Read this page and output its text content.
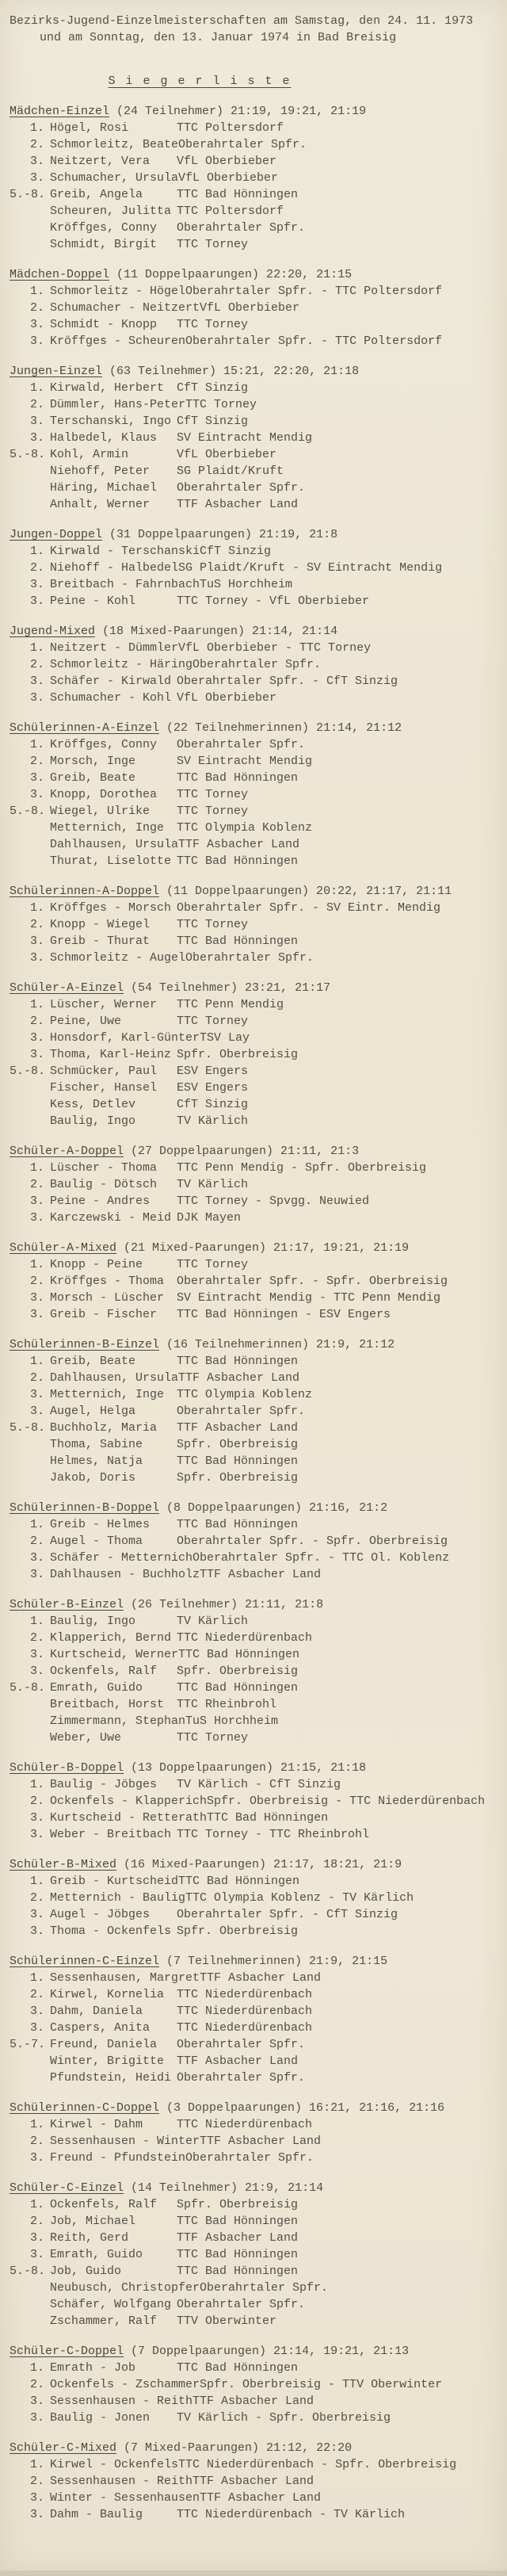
Bezirks-Jugend-Einzelmeisterschaften am Samstag, den 24. 11. 1973
und am Sonntag, den 13. Januar 1974 in Bad Breisig
S i e g e r l i s t e
Mädchen-Einzel (24 Teilnehmer) 21:19, 19:21, 21:19
1. Högel, Rosi	TTC Poltersdorf
2. Schmorleitz, Beate Oberahrtaler Spfr.
3. Neitzert, Vera	VfL Oberbieber
3. Schumacher, Ursula VfL Oberbieber
5.-8. Greib, Angela	TTC Bad Hönningen
Scheuren, Julitta TTC Poltersdorf
Kröffges, Conny	Oberahrtaler Spfr.
Schmidt, Birgit	TTC Torney
Mädchen-Doppel (11 Doppelpaarungen) 22:20, 21:15
1. Schmorleitz - Högel Oberahrtaler Spfr. - TTC Poltersdorf
2. Schumacher - Neitzert VfL Oberbieber
3. Schmidt - Knopp	TTC Torney
3. Kröffges - Scheuren Oberahrtaler Spfr. - TTC Poltersdorf
Jungen-Einzel (63 Teilnehmer) 15:21, 22:20, 21:18
1. Kirwald, Herbert	CfT Sinzig
2. Dümmler, Hans-Peter TTC Torney
3. Terschanski, Ingo CfT Sinzig
3. Halbedel, Klaus	SV Eintracht Mendig
5.-8. Kohl, Armin	VfL Oberbieber
Niehoff, Peter	SG Plaidt/Kruft
Häring, Michael	Oberahrtaler Spfr.
Anhalt, Werner	TTF Asbacher Land
Jungen-Doppel (31 Doppelpaarungen) 21:19, 21:8
1. Kirwald - Terschanski CfT Sinzig
2. Niehoff - Halbedel SG Plaidt/Kruft - SV Eintracht Mendig
3. Breitbach - Fahrnbach TuS Horchheim
3. Peine - Kohl	TTC Torney - VfL Oberbieber
Jugend-Mixed (18 Mixed-Paarungen) 21:14, 21:14
1. Neitzert - Dümmler VfL Oberbieber - TTC Torney
2. Schmorleitz - Häring Oberahrtaler Spfr.
3. Schäfer - Kirwald Oberahrtaler Spfr. - CfT Sinzig
3. Schumacher - Kohl VfL Oberbieber
Schülerinnen-A-Einzel (22 Teilnehmerinnen) 21:14, 21:12
1. Kröffges, Conny	Oberahrtaler Spfr.
2. Morsch, Inge	SV Eintracht Mendig
3. Greib, Beate	TTC Bad Hönningen
3. Knopp, Dorothea	TTC Torney
5.-8. Wiegel, Ulrike	TTC Torney
Metternich, Inge	TTC Olympia Koblenz
Dahlhausen, Ursula TTF Asbacher Land
Thurat, Liselotte TTC Bad Hönningen
Schülerinnen-A-Doppel (11 Doppelpaarungen) 20:22, 21:17, 21:11
1. Kröffges - Morsch Oberahrtaler Spfr. - SV Eintr. Mendig
2. Knopp - Wiegel	TTC Torney
3. Greib - Thurat	TTC Bad Hönningen
3. Schmorleitz - Augel Oberahrtaler Spfr.
Schüler-A-Einzel (54 Teilnehmer) 23:21, 21:17
1. Lüscher, Werner	TTC Penn Mendig
2. Peine, Uwe	TTC Torney
3. Honsdorf, Karl-Günter TSV Lay
3. Thoma, Karl-Heinz Spfr. Oberbreisig
5.-8. Schmücker, Paul	ESV Engers
Fischer, Hansel	ESV Engers
Kess, Detlev	CfT Sinzig
Baulig, Ingo	TV Kärlich
Schüler-A-Doppel (27 Doppelpaarungen) 21:11, 21:3
1. Lüscher - Thoma	TTC Penn Mendig - Spfr. Oberbreisig
2. Baulig - Dötsch	TV Kärlich
3. Peine - Andres	TTC Torney - Spvgg. Neuwied
3. Karczewski - Meid DJK Mayen
Schüler-A-Mixed (21 Mixed-Paarungen) 21:17, 19:21, 21:19
1. Knopp - Peine	TTC Torney
2. Kröffges - Thoma	Oberahrtaler Spfr. - Spfr. Oberbreisig
3. Morsch - Lüscher	SV Eintracht Mendig - TTC Penn Mendig
3. Greib - Fischer	TTC Bad Hönningen - ESV Engers
Schülerinnen-B-Einzel (16 Teilnehmerinnen) 21:9, 21:12
1. Greib, Beate	TTC Bad Hönningen
2. Dahlhausen, Ursula TTF Asbacher Land
3. Metternich, Inge	TTC Olympia Koblenz
3. Augel, Helga	Oberahrtaler Spfr.
5.-8. Buchholz, Maria	TTF Asbacher Land
Thoma, Sabine	Spfr. Oberbreisig
Helmes, Natja	TTC Bad Hönningen
Jakob, Doris	Spfr. Oberbreisig
Schülerinnen-B-Doppel (8 Doppelpaarungen) 21:16, 21:2
1. Greib - Helmes	TTC Bad Hönningen
2. Augel - Thoma	Oberahrtaler Spfr. - Spfr. Oberbreisig
3. Schäfer - Metternich Oberahrtaler Spfr. - TTC Ol. Koblenz
3. Dahlhausen - Buchholz TTF Asbacher Land
Schüler-B-Einzel (26 Teilnehmer) 21:11, 21:8
1. Baulig, Ingo	TV Kärlich
2. Klapperich, Bernd TTC Niederdürenbach
3. Kurtscheid, Werner TTC Bad Hönningen
3. Ockenfels, Ralf	Spfr. Oberbreisig
5.-8. Emrath, Guido	TTC Bad Hönningen
Breitbach, Horst	TTC Rheinbrohl
Zimmermann, Stephan TuS Horchheim
Weber, Uwe	TTC Torney
Schüler-B-Doppel (13 Doppelpaarungen) 21:15, 21:18
1. Baulig - Jöbges	TV Kärlich - CfT Sinzig
2. Ockenfels - Klapperich Spfr. Oberbreisig - TTC Niederdürenbach
3. Kurtscheid - Retterath TTC Bad Hönningen
3. Weber - Breitbach TTC Torney - TTC Rheinbrohl
Schüler-B-Mixed (16 Mixed-Paarungen) 21:17, 18:21, 21:9
1. Greib - Kurtscheid TTC Bad Hönningen
2. Metternich - Baulig TTC Olympia Koblenz - TV Kärlich
3. Augel - Jöbges	Oberahrtaler Spfr. - CfT Sinzig
3. Thoma - Ockenfels Spfr. Oberbreisig
Schülerinnen-C-Einzel (7 Teilnehmerinnen) 21:9, 21:15
1. Sessenhausen, Margret TTF Asbacher Land
2. Kirwel, Kornelia	TTC Niederdürenbach
3. Dahm, Daniela	TTC Niederdürenbach
3. Caspers, Anita	TTC Niederdürenbach
5.-7. Freund, Daniela	Oberahrtaler Spfr.
Winter, Brigitte	TTF Asbacher Land
Pfundstein, Heidi Oberahrtaler Spfr.
Schülerinnen-C-Doppel (3 Doppelpaarungen) 16:21, 21:16, 21:16
1. Kirwel - Dahm	TTC Niederdürenbach
2. Sessenhausen - Winter TTF Asbacher Land
3. Freund - Pfundstein Oberahrtaler Spfr.
Schüler-C-Einzel (14 Teilnehmer) 21:9, 21:14
1. Ockenfels, Ralf	Spfr. Oberbreisig
2. Job, Michael	TTC Bad Hönningen
3. Reith, Gerd	TTF Asbacher Land
3. Emrath, Guido	TTC Bad Hönningen
5.-8. Job, Guido	TTC Bad Hönningen
Neubusch, Christopfer Oberahrtaler Spfr.
Schäfer, Wolfgang Oberahrtaler Spfr.
Zschammer, Ralf	TTV Oberwinter
Schüler-C-Doppel (7 Doppelpaarungen) 21:14, 19:21, 21:13
1. Emrath - Job	TTC Bad Hönningen
2. Ockenfels - Zschammer Spfr. Oberbreisig - TTV Oberwinter
3. Sessenhausen - Reith TTF Asbacher Land
3. Baulig - Jonen	TV Kärlich - Spfr. Oberbreisig
Schüler-C-Mixed (7 Mixed-Paarungen) 21:12, 22:20
1. Kirwel - Ockenfels TTC Niederdürenbach - Spfr. Oberbreisig
2. Sessenhausen - Reith TTF Asbacher Land
3. Winter - Sessenhausen TTF Asbacher Land
3. Dahm - Baulig	TTC Niederdürenbach - TV Kärlich
